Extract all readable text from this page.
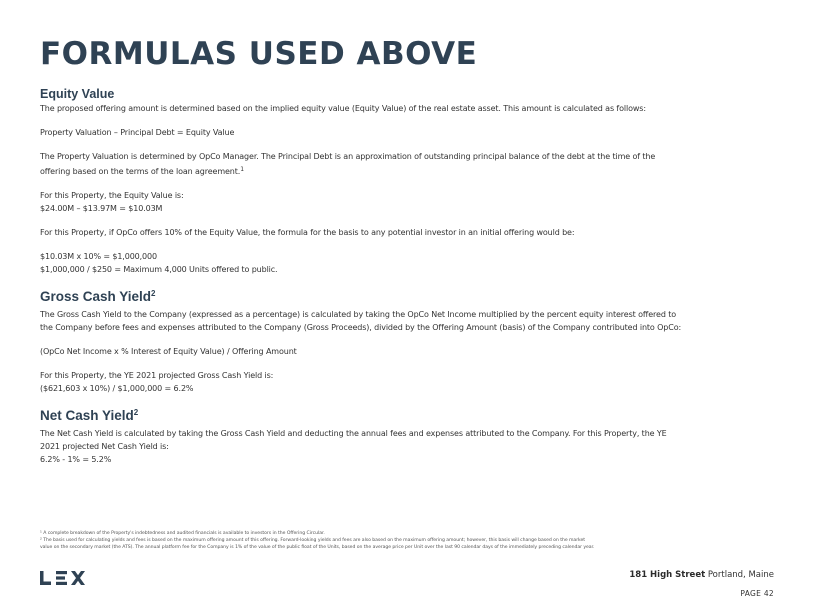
FORMULAS USED ABOVE
Equity Value

The proposed offering amount is determined based on the implied equity value (Equity Value) of the real estate asset. This amount is calculated as follows:

Property Valuation – Principal Debt = Equity Value

The Property Valuation is determined by OpCo Manager. The Principal Debt is an approximation of outstanding principal balance of the debt at the time of the

offering based on the terms of the loan agreement.$^1$

For this Property, the Equity Value is:

$24.00M – $13.97M = $10.03M

For this Property, if OpCo offers 10% of the Equity Value, the formula for the basis to any potential investor in an initial offering would be:

$10.03M x 10% = $1,000,000

$1,000,000 / $250 = Maximum 4,000 Units offered to public.

Gross Cash Yield$^2$

The Gross Cash Yield to the Company (expressed as a percentage) is calculated by taking the OpCo Net Income multiplied by the percent equity interest offered to

the Company before fees and expenses attributed to the Company (Gross Proceeds), divided by the Offering Amount (basis) of the Company contributed into OpCo:

(OpCo Net Income x % Interest of Equity Value) / Offering Amount

For this Property, the YE 2021 projected Gross Cash Yield is:

($621,603 x 10%) / $1,000,000 = 6.2%

Net Cash Yield$^2$

The Net Cash Yield is calculated by taking the Gross Cash Yield and deducting the annual fees and expenses attributed to the Company. For this Property, the YE

2021 projected Net Cash Yield is:

6.2% - 1% = 5.2%

¹ A complete breakdown of the Property's indebtedness and audited financials is available to investors in the Offering Circular.

² The basis used for calculating yields and fees is based on the maximum offering amount of this offering. Forward-looking yields and fees are also based on the maximum offering amount; however, this basis will change based on the market

value on the secondary market (the ATS). The annual platform fee for the Company is 1% of the value of the public float of the Units, based on the average price per Unit over the last 90 calendar days of the immediately preceding calendar year.

181 High Street Portland, Maine
PAGE 42
